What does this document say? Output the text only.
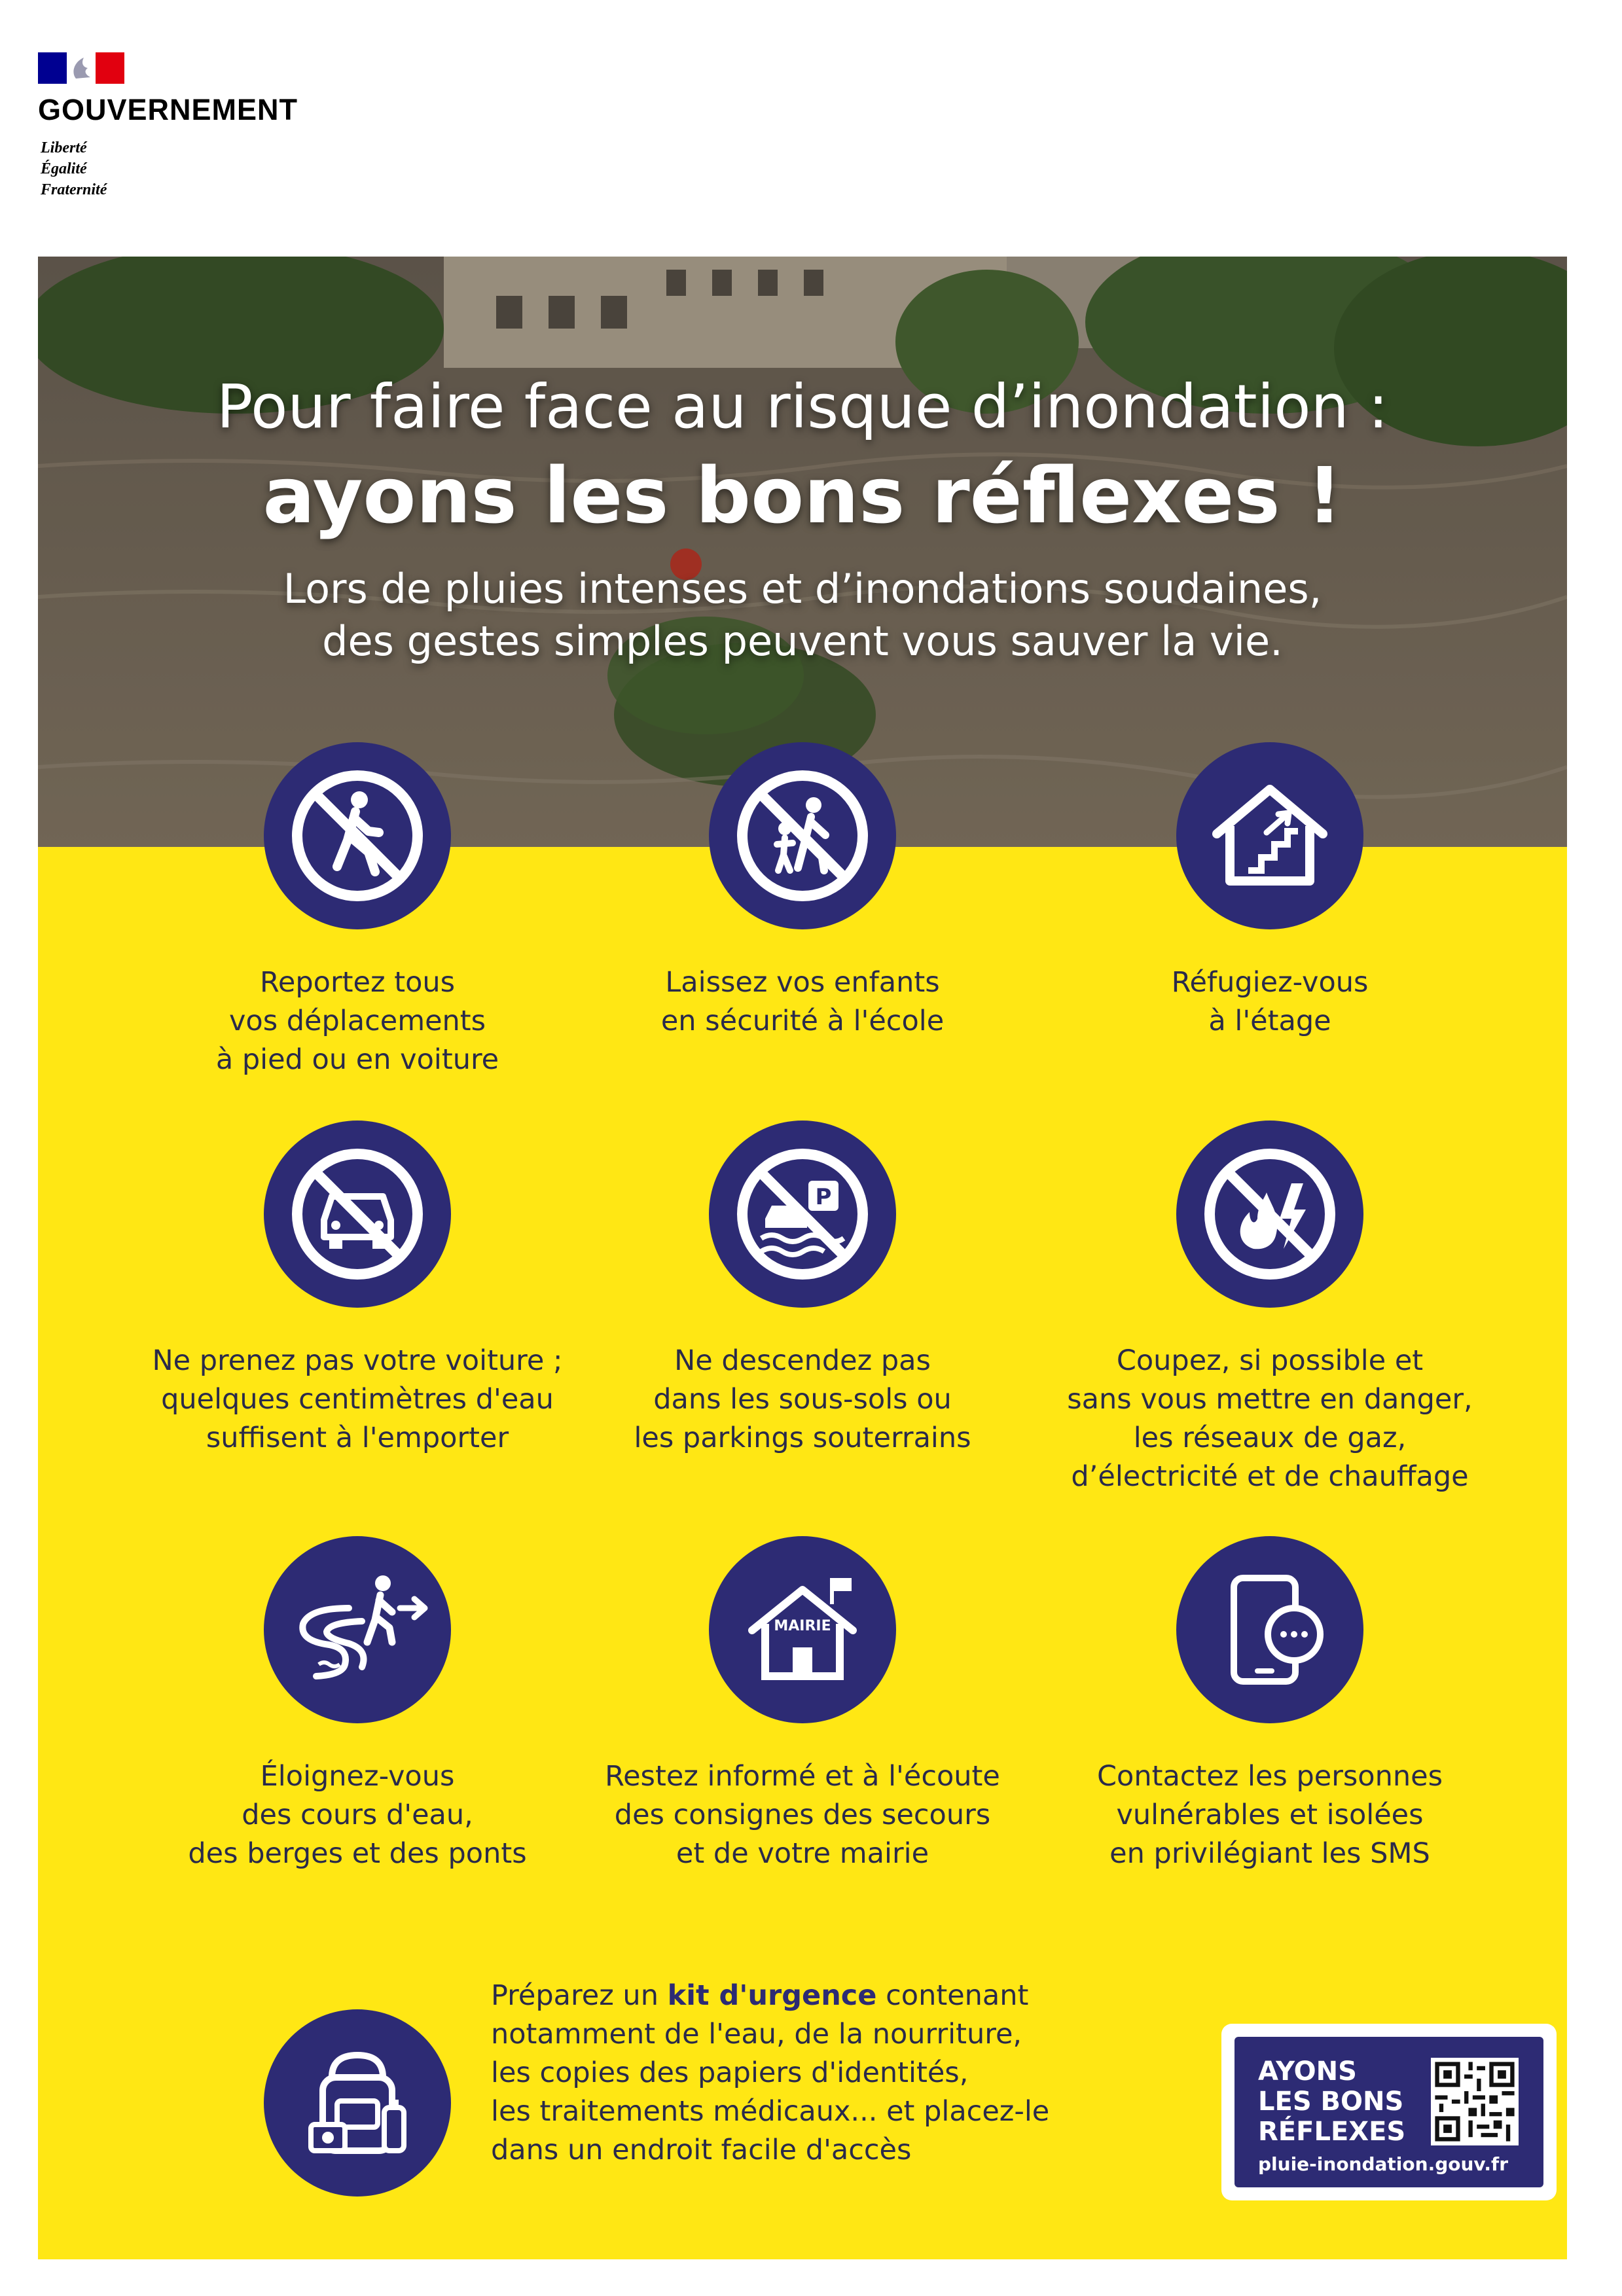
GOUVERNEMENT
Liberté
Égalité
Fraternité
Pour faire face au risque d’inondation :
ayons les bons réflexes !
Lors de pluies intenses et d’inondations soudaines,
des gestes simples peuvent vous sauver la vie.
Reportez tous
vos déplacements
à pied ou en voiture
Laissez vos enfants
en sécurité à l'école
Réfugiez-vous
à l'étage
Ne prenez pas votre voiture ;
quelques centimètres d'eau
suffisent à l'emporter
P
Ne descendez pas
dans les sous-sols ou
les parkings souterrains
Coupez, si possible et
sans vous mettre en danger,
les réseaux de gaz,
d’électricité et de chauffage
Éloignez-vous
des cours d'eau,
des berges et des ponts
MAIRIE
Restez informé et à l'écoute
des consignes des secours
et de votre mairie
Contactez les personnes
vulnérables et isolées
en privilégiant les SMS
Préparez un kit d'urgence contenant
notamment de l'eau, de la nourriture,
les copies des papiers d'identités,
les traitements médicaux... et placez-le
dans un endroit facile d'accès
AYONS
LES BONS
RÉFLEXES
pluie-inondation.gouv.fr
